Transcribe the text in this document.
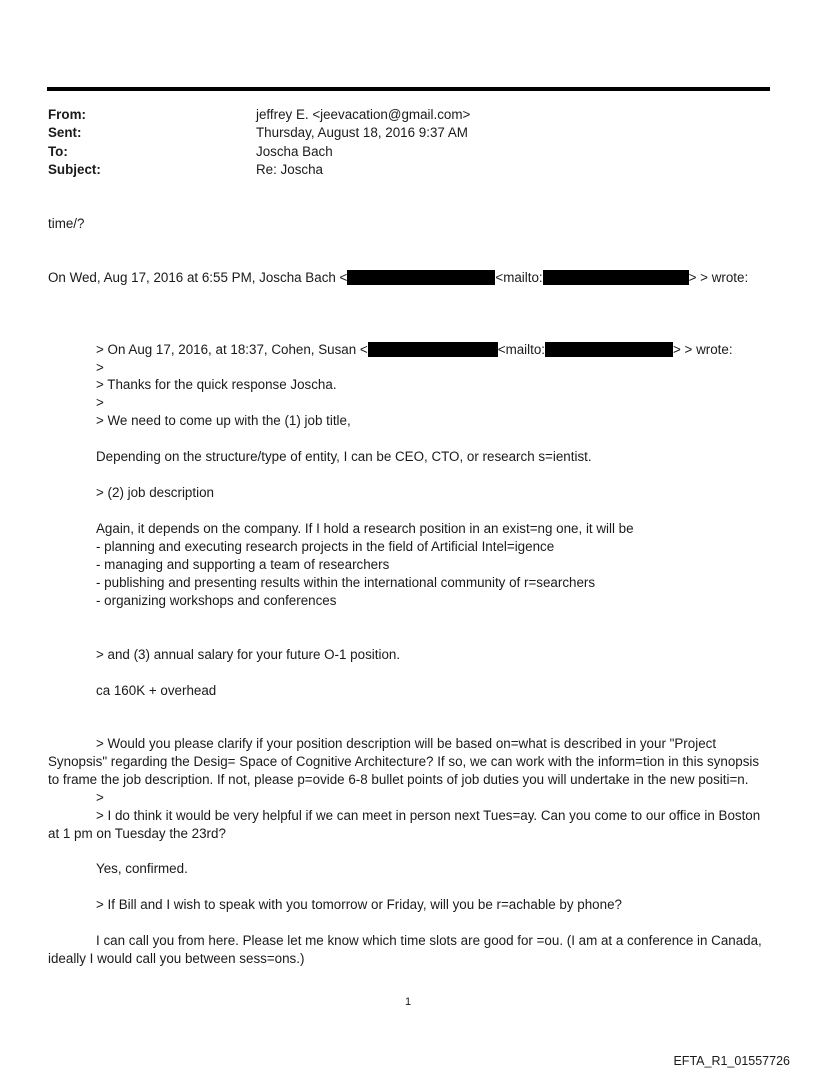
From:	jeffrey E. <jeevacation@gmail.com>
Sent:	Thursday, August 18, 2016 9:37 AM
To:	Joscha Bach
Subject:	Re: Joscha
time/?
On Wed, Aug 17, 2016 at 6:55 PM, Joscha Bach <	<mailto:	> > wrote:
> On Aug 17, 2016, at 18:37, Cohen, Susan <	<mailto:	> > wrote:
>
> Thanks for the quick response Joscha.
>
> We need to come up with the (1) job title,
Depending on the structure/type of entity, I can be CEO, CTO, or research s=ientist.
> (2) job description
Again, it depends on the company. If I hold a research position in an exist=ng one, it will be
- planning and executing research projects in the field of Artificial Intel=igence
- managing and supporting a team of researchers
- publishing and presenting results within the international community of r=searchers
- organizing workshops and conferences
> and (3) annual salary for your future O-1 position.
ca 160K + overhead
> Would you please clarify if your position description will be based on=what is described in your "Project
Synopsis" regarding the Desig= Space of Cognitive Architecture? If so, we can work with the inform=tion in this synopsis
to frame the job description. If not, please p=ovide 6-8 bullet points of job duties you will undertake in the new positi=n.
>
> I do think it would be very helpful if we can meet in person next Tues=ay. Can you come to our office in Boston
at 1 pm on Tuesday the 23rd?
Yes, confirmed.
> If Bill and I wish to speak with you tomorrow or Friday, will you be r=achable by phone?
I can call you from here. Please let me know which time slots are good for =ou. (I am at a conference in Canada,
ideally I would call you between sess=ons.)
1
EFTA_R1_01557726
